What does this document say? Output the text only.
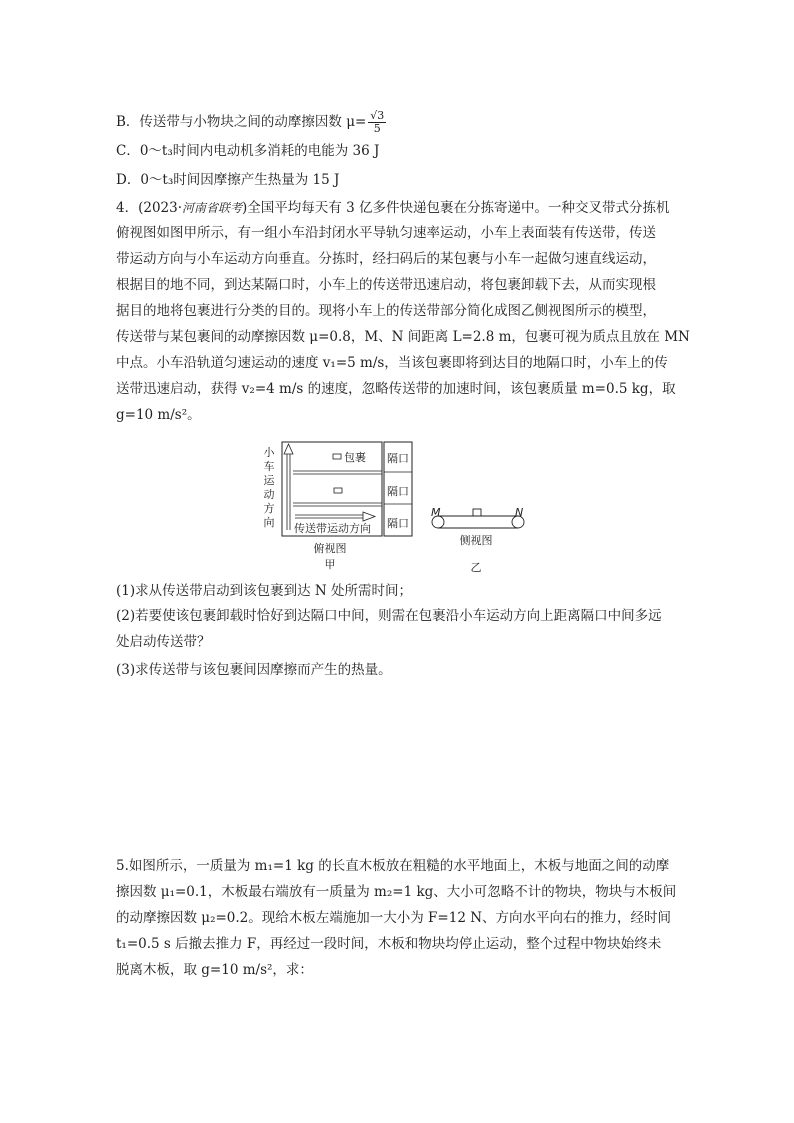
B．传送带与小物块之间的动摩擦因数 $\mu= \frac{√3}{5}$
C．0～t₃时间内电动机多消耗的电能为 36 J
D．0～t₃时间因摩擦产生热量为 15 J
4．(2023·河南省联考)全国平均每天有 3 亿多件快递包裹在分拣寄递中。一种交叉带式分拣机
俯视图如图甲所示，有一组小车沿封闭水平导轨匀速率运动，小车上表面装有传送带，传送
带运动方向与小车运动方向垂直。分拣时，经扫码后的某包裹与小车一起做匀速直线运动，
根据目的地不同，到达某隔口时，小车上的传送带迅速启动，将包裹卸载下去，从而实现根
据目的地将包裹进行分类的目的。现将小车上的传送带部分简化成图乙侧视图所示的模型，
传送带与某包裹间的动摩擦因数 μ=0.8，M、N 间距离 L=2.8 m，包裹可视为质点且放在 MN
中点。小车沿轨道匀速运动的速度 v₁=5 m/s，当该包裹即将到达目的地隔口时，小车上的传
送带迅速启动，获得 v₂=4 m/s 的速度，忽略传送带的加速时间，该包裹质量 m=0.5 kg，取
g=10 m/s²。
小
车
运
动
方
向
包裹
传送带运动方向
隔口
隔口
隔口
俯视图
甲
M	N
侧视图
乙
(1)求从传送带启动到该包裹到达 N 处所需时间；
(2)若要使该包裹卸载时恰好到达隔口中间，则需在包裹沿小车运动方向上距离隔口中间多远
处启动传送带？
(3)求传送带与该包裹间因摩擦而产生的热量。
5.如图所示，一质量为 m₁=1 kg 的长直木板放在粗糙的水平地面上，木板与地面之间的动摩
擦因数 μ₁=0.1，木板最右端放有一质量为 m₂=1 kg、大小可忽略不计的物块，物块与木板间
的动摩擦因数 μ₂=0.2。现给木板左端施加一大小为 F=12 N、方向水平向右的推力，经时间
t₁=0.5 s 后撤去推力 F，再经过一段时间，木板和物块均停止运动，整个过程中物块始终未
脱离木板，取 g=10 m/s²，求：
